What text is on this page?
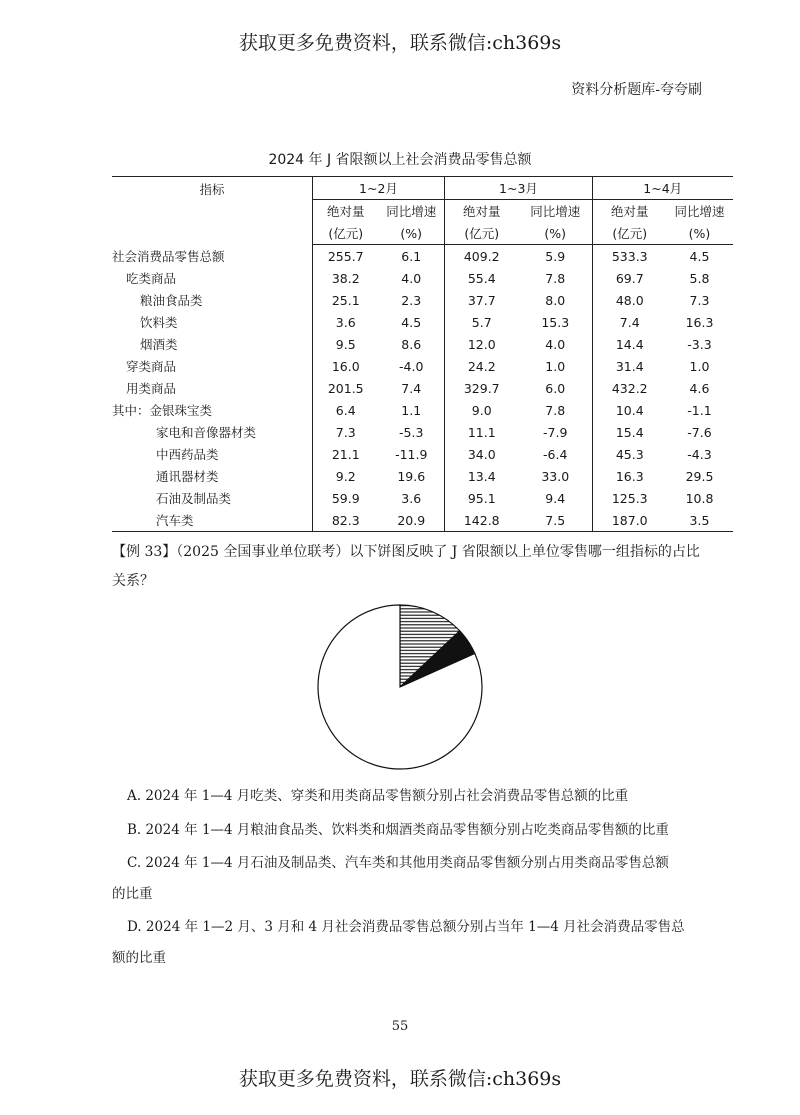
获取更多免费资料，联系微信:ch369s
资料分析题库-夸夸刷
2024 年 J 省限额以上社会消费品零售总额
指标	1~2月		1~3月		1~4月	
	绝对量	同比增速	绝对量	同比增速	绝对量	同比增速
	(亿元)	(%)	(亿元)	(%)	(亿元)	(%)
社会消费品零售总额	255.7	6.1	409.2	5.9	533.3	4.5
吃类商品	38.2	4.0	55.4	7.8	69.7	5.8
粮油食品类	25.1	2.3	37.7	8.0	48.0	7.3
饮料类	3.6	4.5	5.7	15.3	7.4	16.3
烟酒类	9.5	8.6	12.0	4.0	14.4	-3.3
穿类商品	16.0	-4.0	24.2	1.0	31.4	1.0
用类商品	201.5	7.4	329.7	6.0	432.2	4.6
其中：金银珠宝类	6.4	1.1	9.0	7.8	10.4	-1.1
家电和音像器材类	7.3	-5.3	11.1	-7.9	15.4	-7.6
中西药品类	21.1	-11.9	34.0	-6.4	45.3	-4.3
通讯器材类	9.2	19.6	13.4	33.0	16.3	29.5
石油及制品类	59.9	3.6	95.1	9.4	125.3	10.8
汽车类	82.3	20.9	142.8	7.5	187.0	3.5
【例 33】（2025 全国事业单位联考）以下饼图反映了 J 省限额以上单位零售哪一组指标的占比关系？
A. 2024 年 1—4 月吃类、穿类和用类商品零售额分别占社会消费品零售总额的比重
B. 2024 年 1—4 月粮油食品类、饮料类和烟酒类商品零售额分别占吃类商品零售额的比重
C. 2024 年 1—4 月石油及制品类、汽车类和其他用类商品零售额分别占用类商品零售总额
的比重
D. 2024 年 1—2 月、3 月和 4 月社会消费品零售总额分别占当年 1—4 月社会消费品零售总
额的比重
55
获取更多免费资料，联系微信:ch369s
